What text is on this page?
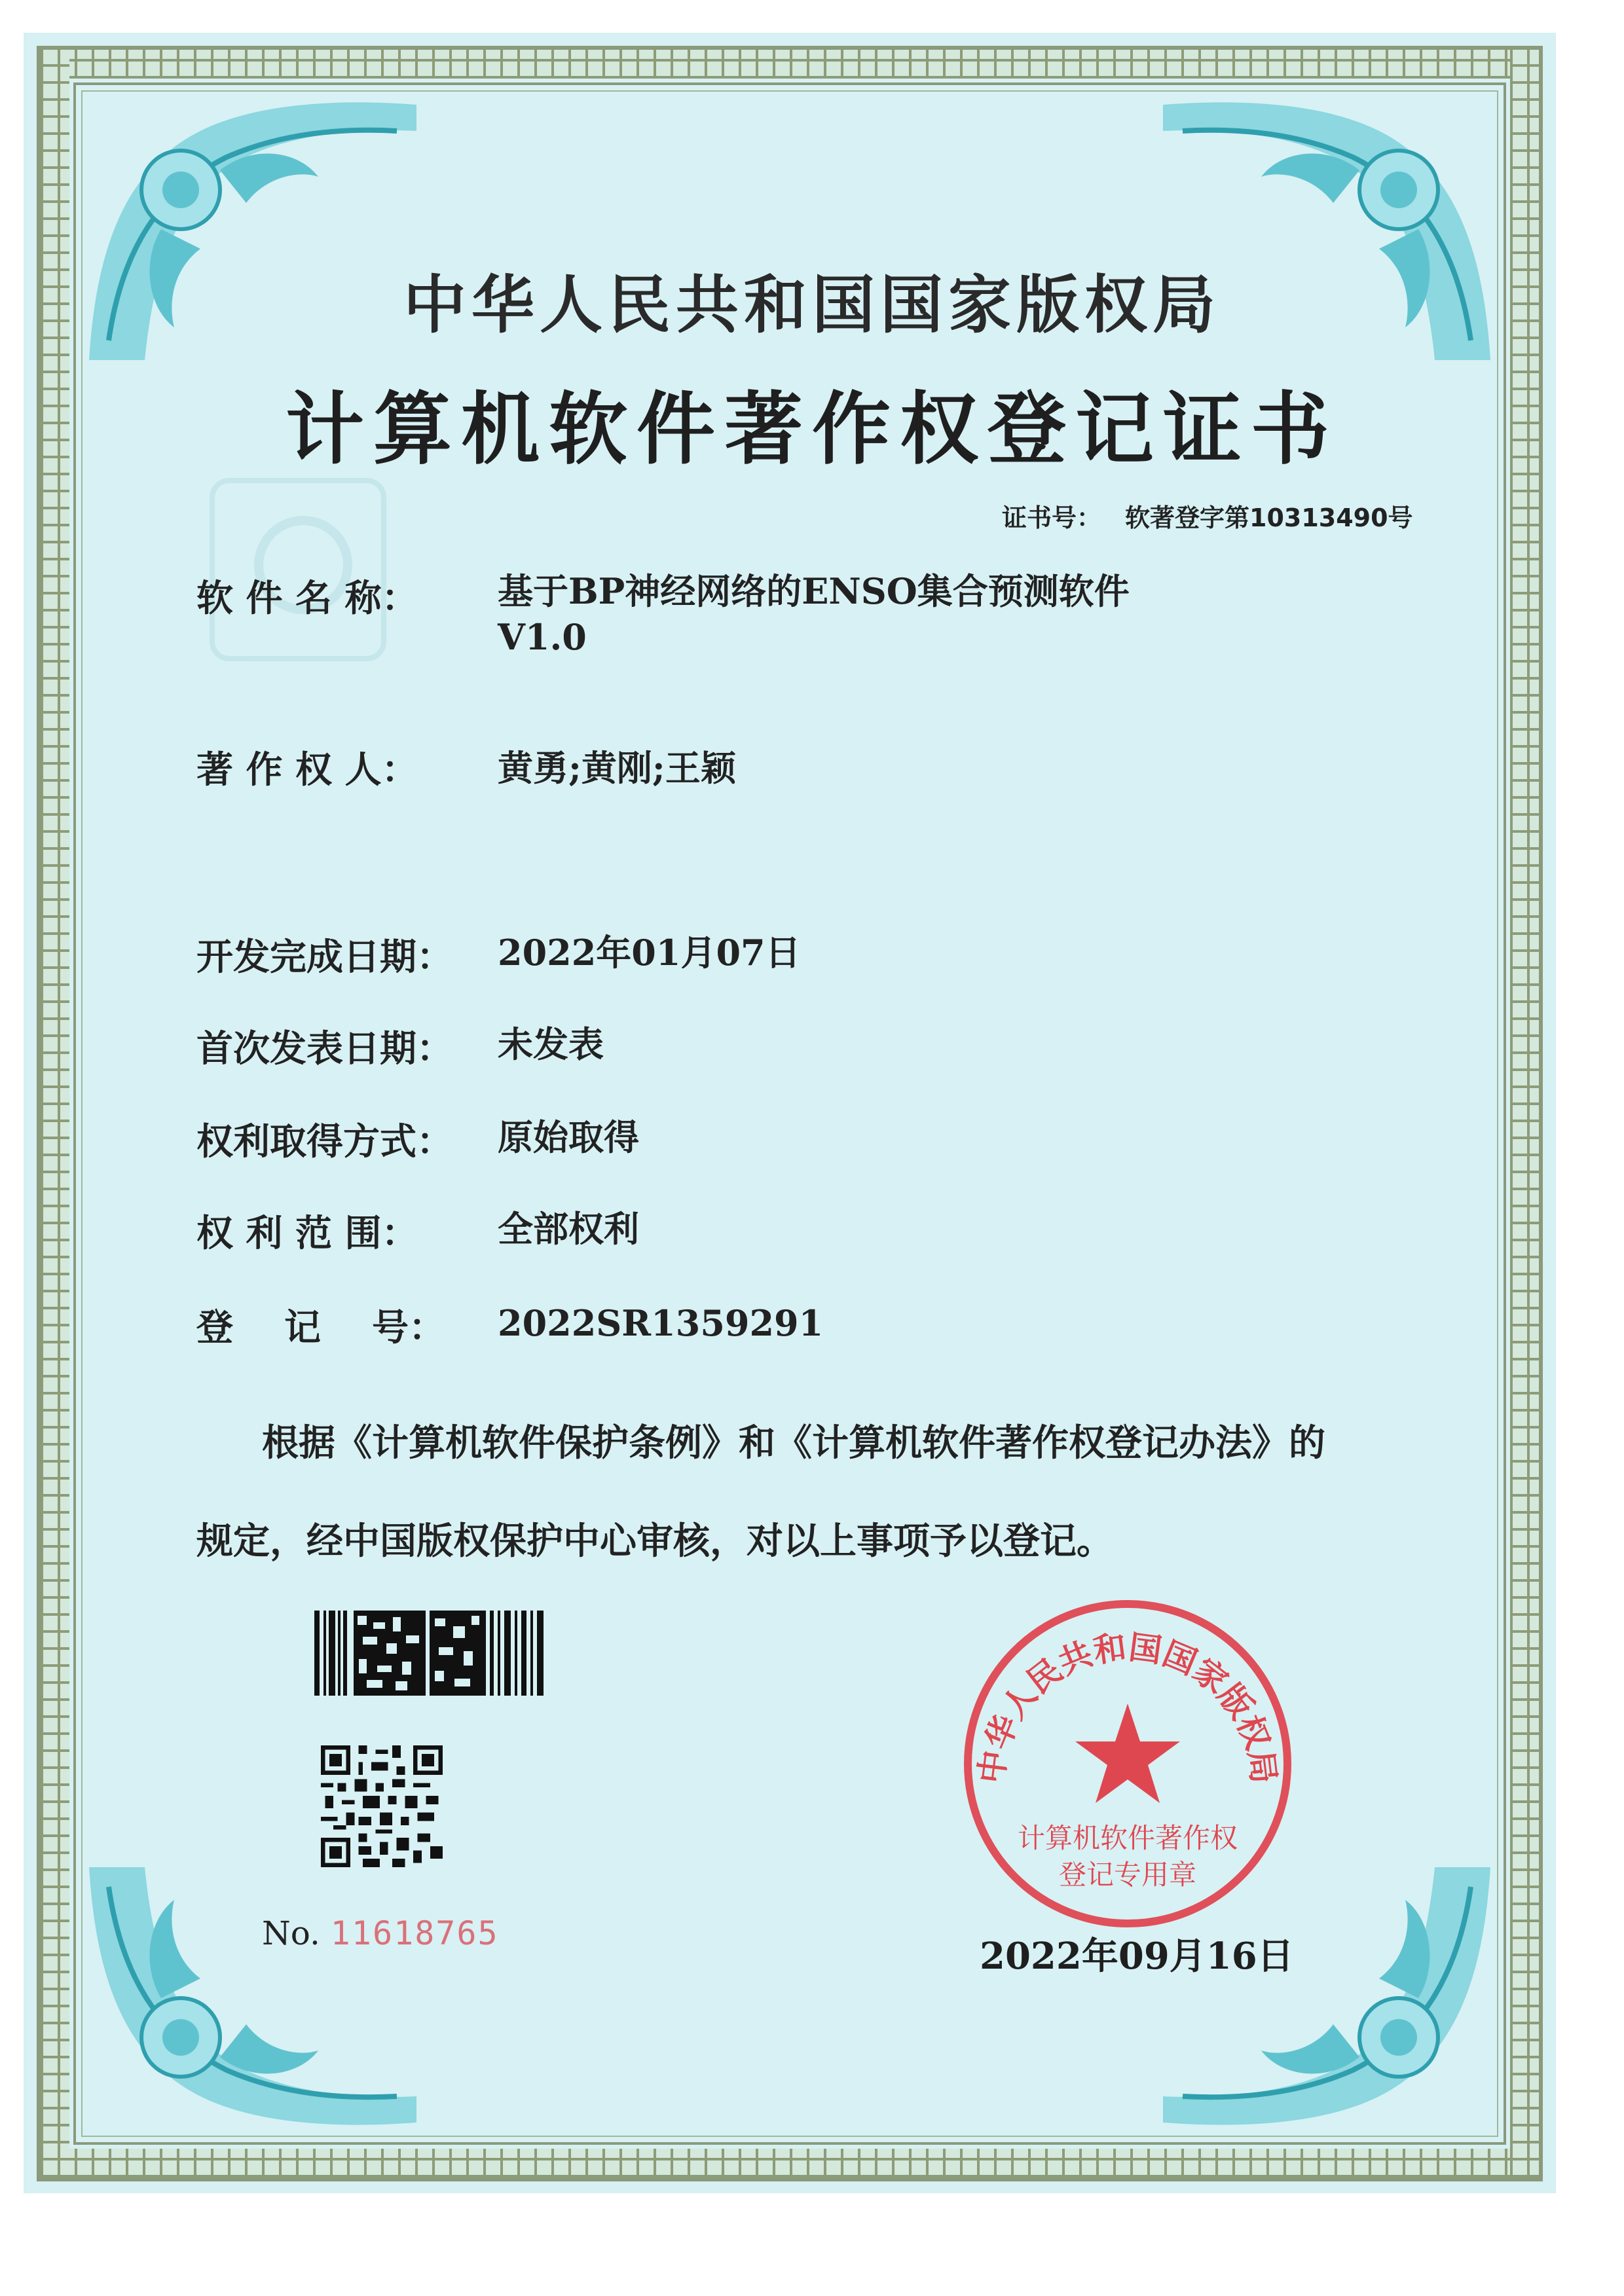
中华人民共和国国家版权局
计算机软件著作权登记证书
证书号： 软著登字第10313490号
软 件 名 称： 基于BP神经网络的ENSO集合预测软件
V1.0
著 作 权 人： 黄勇;黄刚;王颖
开发完成日期： 2022年01月07日
首次发表日期： 未发表
权利取得方式： 原始取得
权 利 范 围： 全部权利
登    记    号： 2022SR1359291
根据《计算机软件保护条例》和《计算机软件著作权登记办法》的
规定，经中国版权保护中心审核，对以上事项予以登记。
No. 11618765
中华人民共和国国家版权局
计算机软件著作权
登记专用章
2022年09月16日
